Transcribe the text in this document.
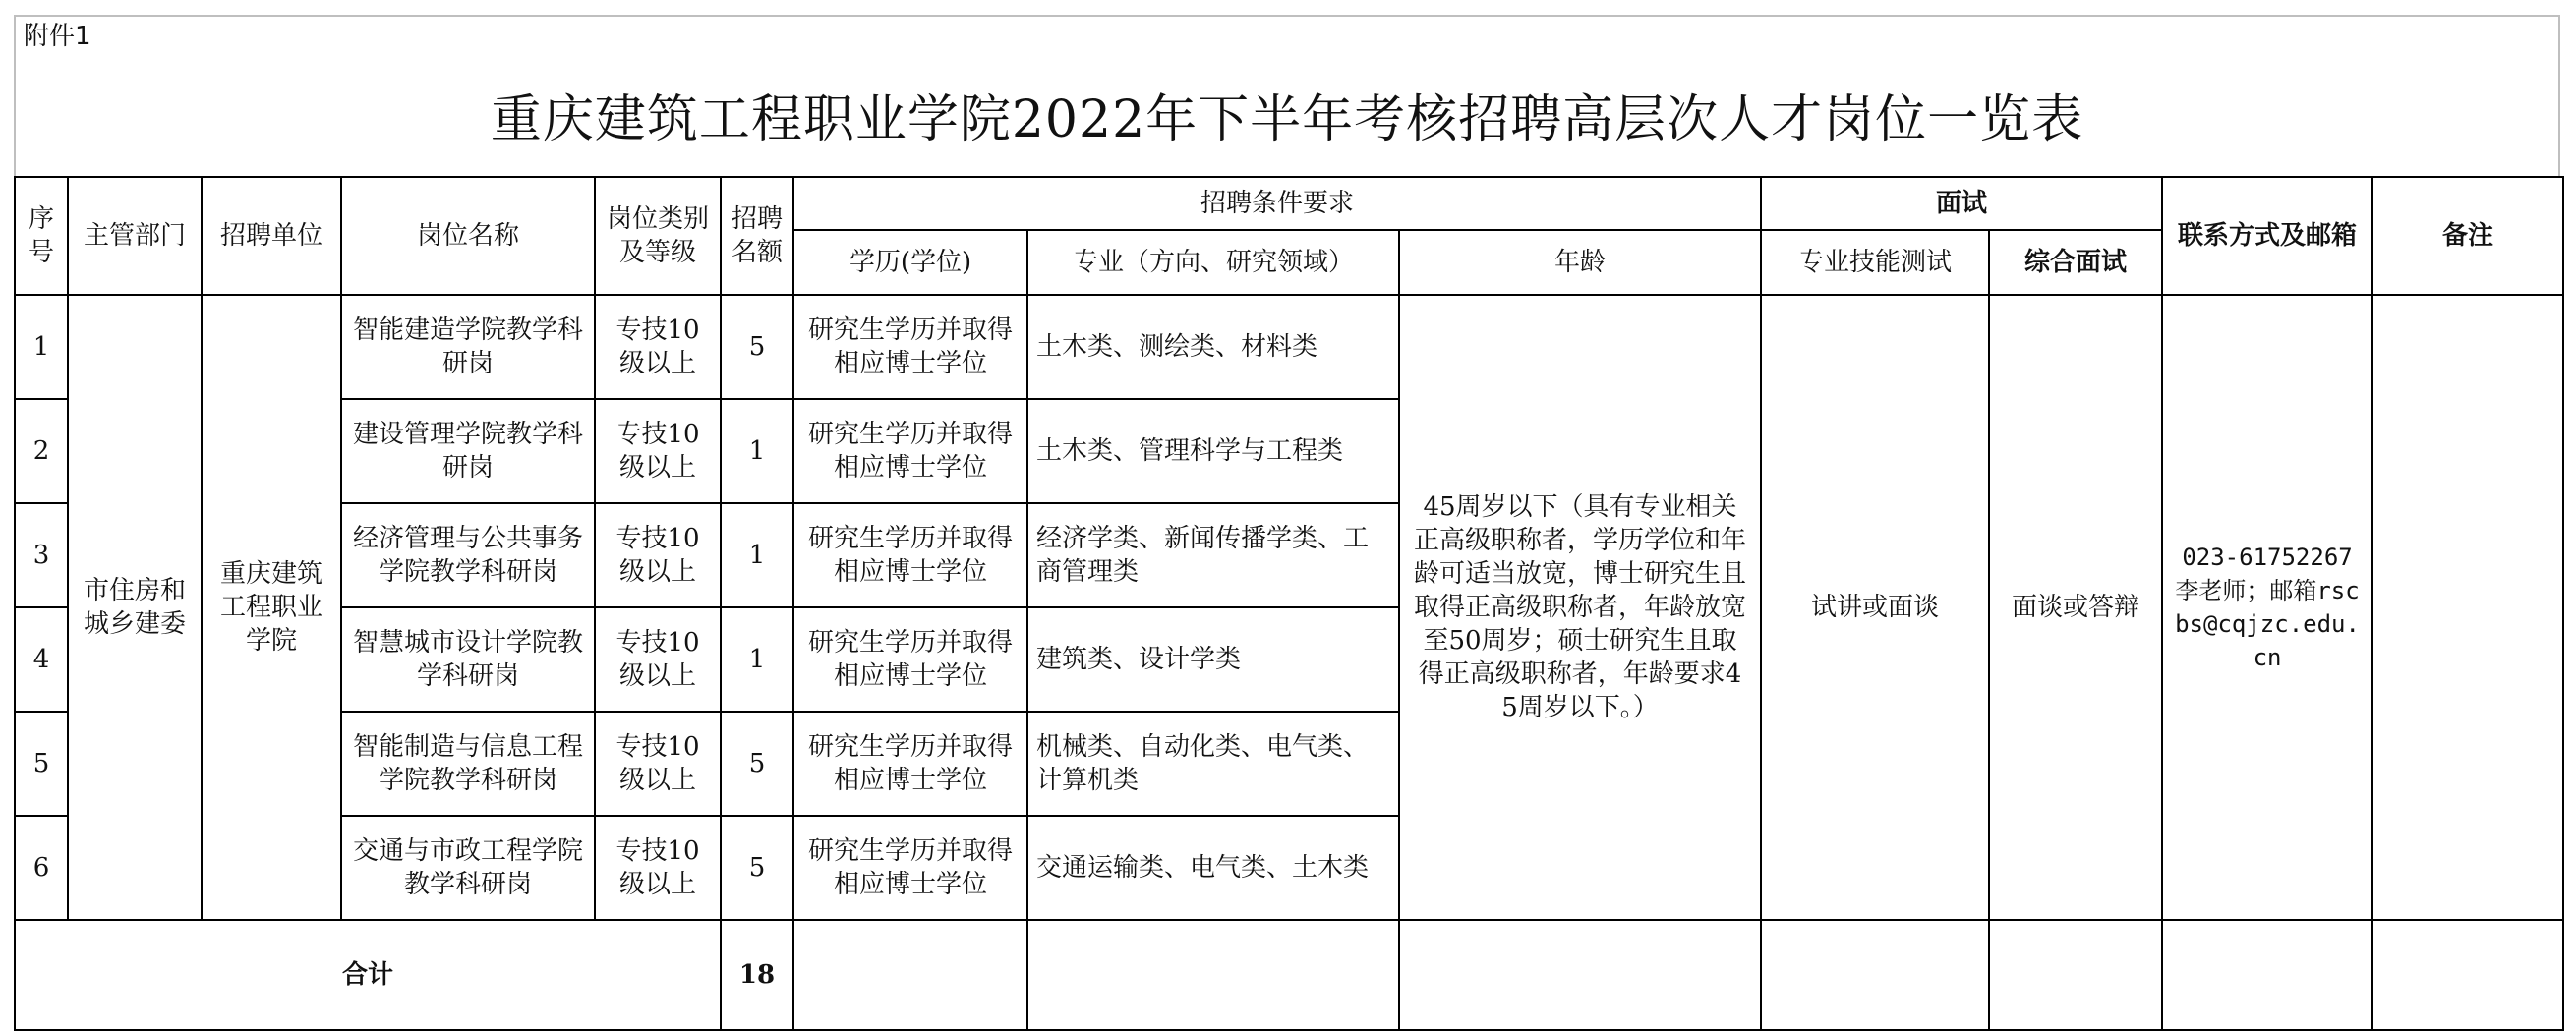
附件1
重庆建筑工程职业学院2022年下半年考核招聘高层次人才岗位一览表
序号	主管部门	招聘单位	岗位名称	岗位类别及等级	招聘名额	招聘条件要求			面试		联系方式及邮箱	备注
						学历(学位)	专业（方向、研究领域）	年龄	专业技能测试	综合面试		
1	市住房和城乡建委	重庆建筑工程职业学院	智能建造学院教学科研岗	专技10级以上	5	研究生学历并取得相应博士学位	土木类、测绘类、材料类	45周岁以下（具有专业相关正高级职称者，学历学位和年龄可适当放宽，博士研究生且取得正高级职称者，年龄放宽至50周岁；硕士研究生且取得正高级职称者，年龄要求45周岁以下。）	试讲或面谈	面谈或答辩	023-61752267 李老师；邮箱rscbs@cqjzc.edu.cn	
2			建设管理学院教学科研岗	专技10级以上	1	研究生学历并取得相应博士学位	土木类、管理科学与工程类					
3			经济管理与公共事务学院教学科研岗	专技10级以上	1	研究生学历并取得相应博士学位	经济学类、新闻传播学类、工商管理类					
4			智慧城市设计学院教学科研岗	专技10级以上	1	研究生学历并取得相应博士学位	建筑类、设计学类					
5			智能制造与信息工程学院教学科研岗	专技10级以上	5	研究生学历并取得相应博士学位	机械类、自动化类、电气类、计算机类					
6			交通与市政工程学院教学科研岗	专技10级以上	5	研究生学历并取得相应博士学位	交通运输类、电气类、土木类					
合计					18							
